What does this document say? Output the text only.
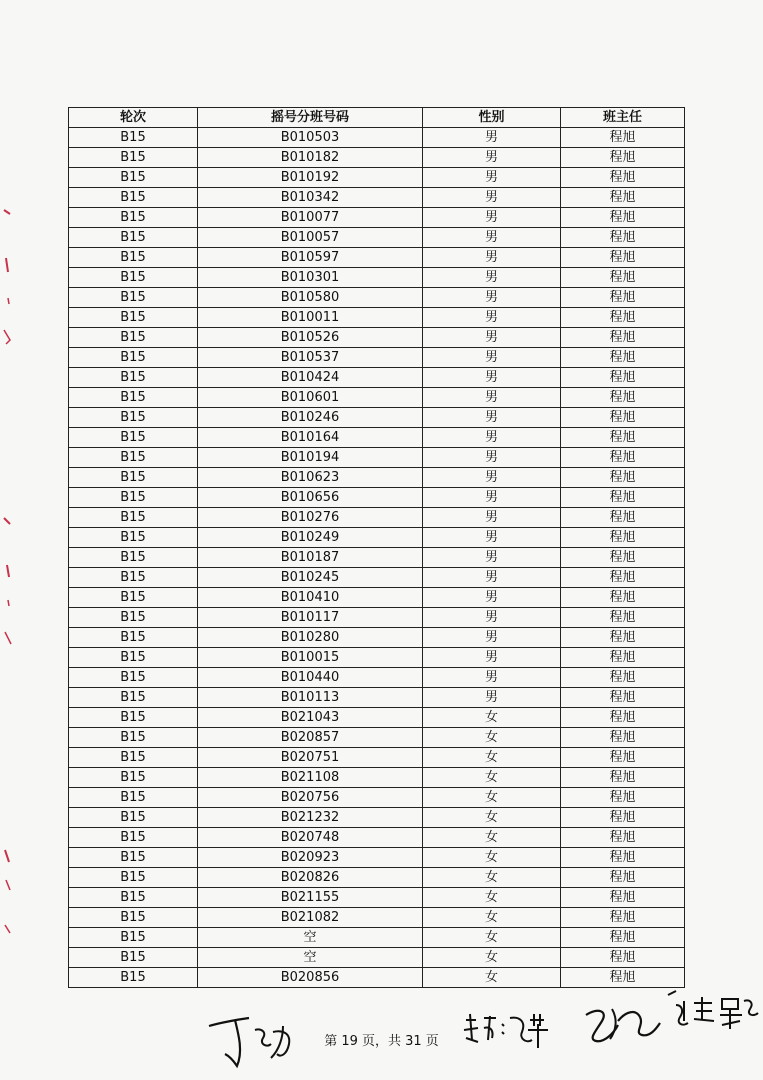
轮次	摇号分班号码	性别	班主任
B15	B010503	男	程旭
B15	B010182	男	程旭
B15	B010192	男	程旭
B15	B010342	男	程旭
B15	B010077	男	程旭
B15	B010057	男	程旭
B15	B010597	男	程旭
B15	B010301	男	程旭
B15	B010580	男	程旭
B15	B010011	男	程旭
B15	B010526	男	程旭
B15	B010537	男	程旭
B15	B010424	男	程旭
B15	B010601	男	程旭
B15	B010246	男	程旭
B15	B010164	男	程旭
B15	B010194	男	程旭
B15	B010623	男	程旭
B15	B010656	男	程旭
B15	B010276	男	程旭
B15	B010249	男	程旭
B15	B010187	男	程旭
B15	B010245	男	程旭
B15	B010410	男	程旭
B15	B010117	男	程旭
B15	B010280	男	程旭
B15	B010015	男	程旭
B15	B010440	男	程旭
B15	B010113	男	程旭
B15	B021043	女	程旭
B15	B020857	女	程旭
B15	B020751	女	程旭
B15	B021108	女	程旭
B15	B020756	女	程旭
B15	B021232	女	程旭
B15	B020748	女	程旭
B15	B020923	女	程旭
B15	B020826	女	程旭
B15	B021155	女	程旭
B15	B021082	女	程旭
B15	空	女	程旭
B15	空	女	程旭
B15	B020856	女	程旭
第 19 页，共 31 页
